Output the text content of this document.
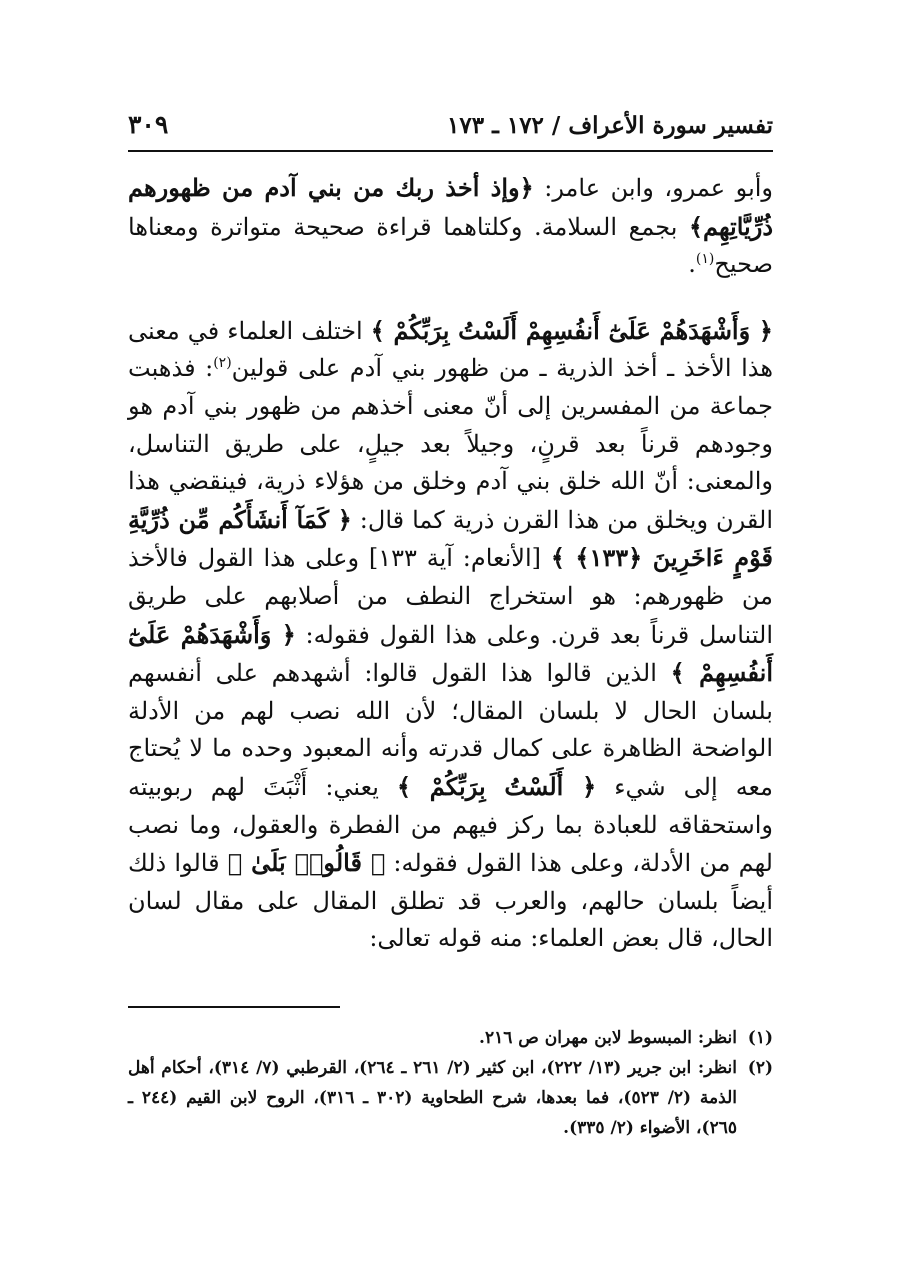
تفسير سورة الأعراف / ١٧٢ ـ ١٧٣
٣٠٩

وأبو عمرو، وابن عامر: ﴿وإذ أخذ ربك من بني آدم من ظهورهم ذُرِّيَّاتِهِم﴾ بجمع السلامة. وكلتاهما قراءة صحيحة متواترة ومعناها صحيح$^{(١)}$.

﴿ وَأَشْهَدَهُمْ عَلَىٰٓ أَنفُسِهِمْ أَلَسْتُ بِرَبِّكُمْ ﴾ اختلف العلماء في معنى هذا الأخذ ـ أخذ الذرية ـ من ظهور بني آدم على قولين$^{(٢)}$: فذهبت جماعة من المفسرين إلى أنّ معنى أخذهم من ظهور بني آدم هو وجودهم قرناً بعد قرنٍ، وجيلاً بعد جيلٍ، على طريق التناسل، والمعنى: أنّ الله خلق بني آدم وخلق من هؤلاء ذرية، فينقضي هذا القرن ويخلق من هذا القرن ذرية كما قال: ﴿ كَمَآ أَنشَأَكُم مِّن ذُرِّيَّةِ قَوْمٍ ءَاخَرِينَ ﴿١٣٣﴾ ﴾ [الأنعام: آية ١٣٣] وعلى هذا القول فالأخذ من ظهورهم: هو استخراج النطف من أصلابهم على طريق التناسل قرناً بعد قرن. وعلى هذا القول فقوله: ﴿ وَأَشْهَدَهُمْ عَلَىٰٓ أَنفُسِهِمْ ﴾ الذين قالوا هذا القول قالوا: أشهدهم على أنفسهم بلسان الحال لا بلسان المقال؛ لأن الله نصب لهم من الأدلة الواضحة الظاهرة على كمال قدرته وأنه المعبود وحده ما لا يُحتاج معه إلى شيء ﴿ أَلَسْتُ بِرَبِّكُمْ ﴾ يعني: أَثْبَتَ لهم ربوبيته واستحقاقه للعبادة بما ركز فيهم من الفطرة والعقول، وما نصب لهم من الأدلة، وعلى هذا القول فقوله: ﴿ قَالُوا۟ بَلَىٰ ﴾ قالوا ذلك أيضاً بلسان حالهم، والعرب قد تطلق المقال على مقال لسان الحال، قال بعض العلماء: منه قوله تعالى:

(١)
انظر: المبسوط لابن مهران ص ٢١٦.

(٢)
انظر: ابن جرير (١٣/ ٢٢٢)، ابن كثير (٢/ ٢٦١ ـ ٢٦٤)، القرطبي (٧/ ٣١٤)، أحكام أهل الذمة (٢/ ٥٢٣)، فما بعدها، شرح الطحاوية (٣٠٢ ـ ٣١٦)، الروح لابن القيم (٢٤٤ ـ ٢٦٥)، الأضواء (٢/ ٣٣٥).
